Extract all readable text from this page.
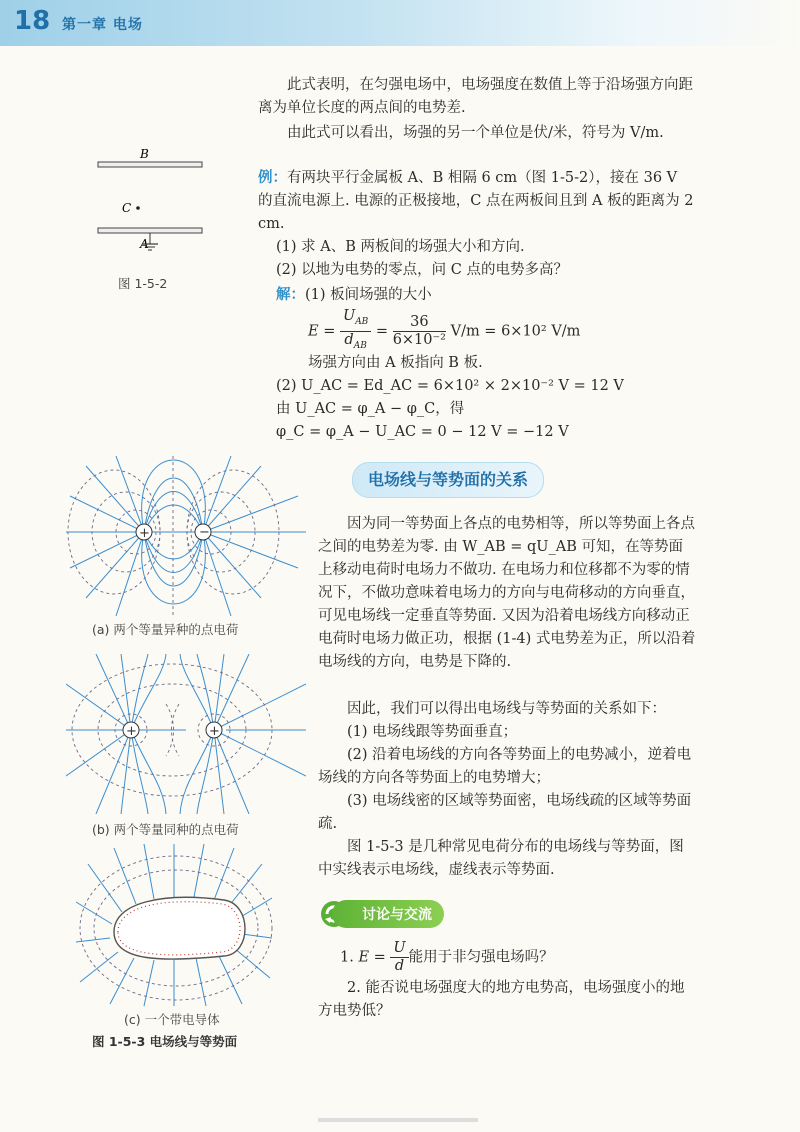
18 第一章 电场
此式表明，在匀强电场中，电场强度在数值上等于沿场强方向距离为单位长度的两点间的电势差.
由此式可以看出，场强的另一个单位是伏/米，符号为 V/m.
B
C
A
图 1-5-2
例：有两块平行金属板 A、B 相隔 6 cm（图 1-5-2），接在 36 V 的直流电源上. 电源的正极接地，C 点在两板间且到 A 板的距离为 2 cm.
(1) 求 A、B 两板间的场强大小和方向.
(2) 以地为电势的零点，问 C 点的电势多高？
解：(1) 板间场强的大小
$E = \frac{U_{AB}}{d_{AB}} = \frac{36}{\text{6×10⁻²}} V/m = 6\times 10^2$ V/m
场强方向由 A 板指向 B 板.
(2) U_AC = Ed_AC = 6×10² × 2×10⁻² V = 12 V
由 U_AC = φ_A − φ_C，得
φ_C = φ_A − U_AC = 0 − 12 V = −12 V
电场线与等势面的关系
因为同一等势面上各点的电势相等，所以等势面上各点之间的电势差为零. 由 W_AB = qU_AB 可知，在等势面上移动电荷时电场力不做功. 在电场力和位移都不为零的情况下，不做功意味着电场力的方向与电荷移动的方向垂直，可见电场线一定垂直等势面. 又因为沿着电场线方向移动正电荷时电场力做正功，根据 (1-4) 式电势差为正，所以沿着电场线的方向，电势是下降的.
因此，我们可以得出电场线与等势面的关系如下：
(1) 电场线跟等势面垂直；
(2) 沿着电场线的方向各等势面上的电势减小，逆着电场线的方向各等势面上的电势增大；
(3) 电场线密的区域等势面密，电场线疏的区域等势面疏.
图 1-5-3 是几种常见电荷分布的电场线与等势面，图中实线表示电场线，虚线表示等势面.
讨论与交流
1. $E = \frac{U}{d}$ 能用于非匀强电场吗？
2. 能否说电场强度大的地方电势高，电场强度小的地方电势低？
+	−
(a) 两个等量异种的点电荷
+	+
(b) 两个等量同种的点电荷
(c) 一个带电导体
图 1-5-3 电场线与等势面
